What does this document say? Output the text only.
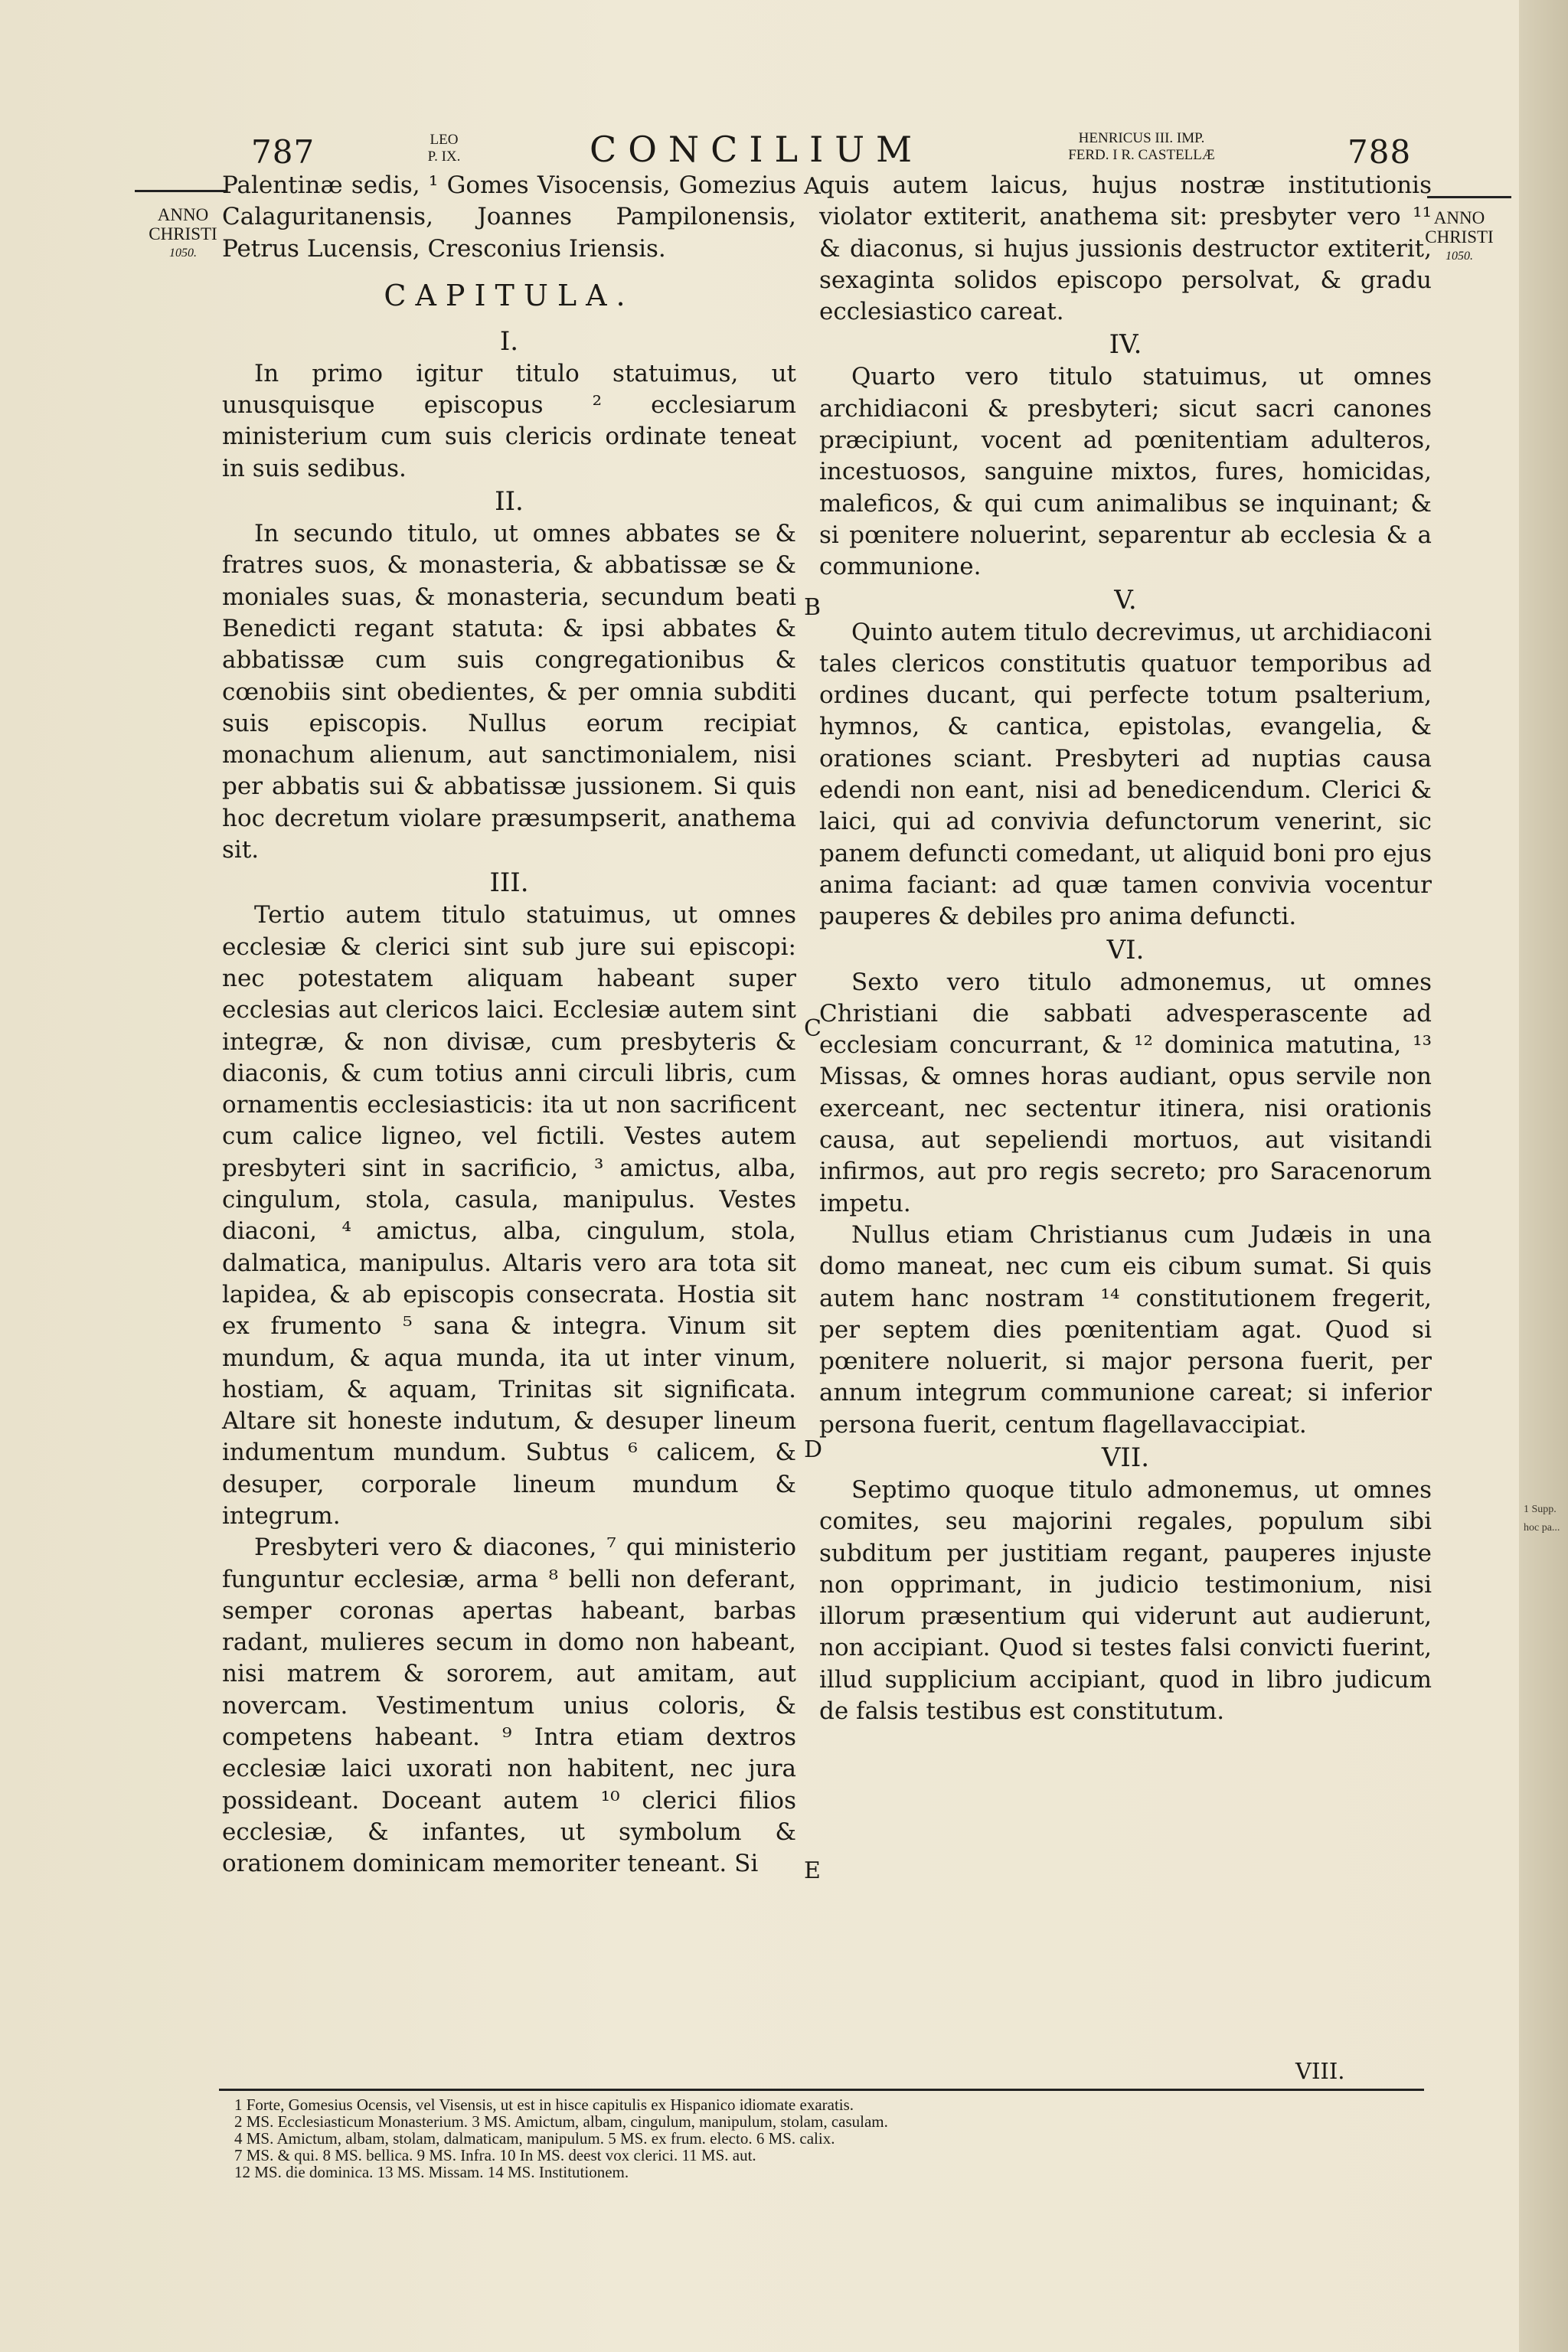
1 Supp. hoc pa...
787	LEO
P. IX.	CONCILIUM	HENRICUS III. IMP.
FERD. I R. CASTELLÆ	788
ANNO
CHRISTI
1050.
ANNO
CHRISTI
1050.

Palentinæ sedis, ¹ Gomes Visocensis, Gomezius Calaguritanensis, Joannes Pampilonensis, Petrus Lucensis, Cresconius Iriensis.

CAPITULA.
I.

In primo igitur titulo statuimus, ut unusquisque episcopus ² ecclesiarum ministerium cum suis clericis ordinate teneat in suis sedibus.

II.

In secundo titulo, ut omnes abbates se & fratres suos, & monasteria, & abbatissæ se & moniales suas, & monasteria, secundum beati Benedicti regant statuta: & ipsi abbates & abbatissæ cum suis congregationibus & cœnobiis sint obedientes, & per omnia subditi suis episcopis. Nullus eorum recipiat monachum alienum, aut sanctimonialem, nisi per abbatis sui & abbatissæ jussionem. Si quis hoc decretum violare præsumpserit, anathema sit.

III.

Tertio autem titulo statuimus, ut omnes ecclesiæ & clerici sint sub jure sui episcopi: nec potestatem aliquam habeant super ecclesias aut clericos laici. Ecclesiæ autem sint integræ, & non divisæ, cum presbyteris & diaconis, & cum totius anni circuli libris, cum ornamentis ecclesiasticis: ita ut non sacrificent cum calice ligneo, vel fictili. Vestes autem presbyteri sint in sacrificio, ³ amictus, alba, cingulum, stola, casula, manipulus. Vestes diaconi, ⁴ amictus, alba, cingulum, stola, dalmatica, manipulus. Altaris vero ara tota sit lapidea, & ab episcopis consecrata. Hostia sit ex frumento ⁵ sana & integra. Vinum sit mundum, & aqua munda, ita ut inter vinum, hostiam, & aquam, Trinitas sit significata. Altare sit honeste indutum, & desuper lineum indumentum mundum. Subtus ⁶ calicem, & desuper, corporale lineum mundum & integrum.

Presbyteri vero & diacones, ⁷ qui ministerio funguntur ecclesiæ, arma ⁸ belli non deferant, semper coronas apertas habeant, barbas radant, mulieres secum in domo non habeant, nisi matrem & sororem, aut amitam, aut novercam. Vestimentum unius coloris, & competens habeant. ⁹ Intra etiam dextros ecclesiæ laici uxorati non habitent, nec jura possideant. Doceant autem ¹⁰ clerici filios ecclesiæ, & infantes, ut symbolum & orationem dominicam memoriter teneant. Si

quis autem laicus, hujus nostræ institutionis violator extiterit, anathema sit: presbyter vero ¹¹ & diaconus, si hujus jussionis destructor extiterit, sexaginta solidos episcopo persolvat, & gradu ecclesiastico careat.

IV.

Quarto vero titulo statuimus, ut omnes archidiaconi & presbyteri; sicut sacri canones præcipiunt, vocent ad pœnitentiam adulteros, incestuosos, sanguine mixtos, fures, homicidas, maleficos, & qui cum animalibus se inquinant; & si pœnitere noluerint, separentur ab ecclesia & a communione.

V.

Quinto autem titulo decrevimus, ut archidiaconi tales clericos constitutis quatuor temporibus ad ordines ducant, qui perfecte totum psalterium, hymnos, & cantica, epistolas, evangelia, & orationes sciant. Presbyteri ad nuptias causa edendi non eant, nisi ad benedicendum. Clerici & laici, qui ad convivia defunctorum venerint, sic panem defuncti comedant, ut aliquid boni pro ejus anima faciant: ad quæ tamen convivia vocentur pauperes & debiles pro anima defuncti.

VI.

Sexto vero titulo admonemus, ut omnes Christiani die sabbati advesperascente ad ecclesiam concurrant, & ¹² dominica matutina, ¹³ Missas, & omnes horas audiant, opus servile non exerceant, nec sectentur itinera, nisi orationis causa, aut sepeliendi mortuos, aut visitandi infirmos, aut pro regis secreto; pro Saracenorum impetu.

Nullus etiam Christianus cum Judæis in una domo maneat, nec cum eis cibum sumat. Si quis autem hanc nostram ¹⁴ constitutionem fregerit, per septem dies pœnitentiam agat. Quod si pœnitere noluerit, si major persona fuerit, per annum integrum communione careat; si inferior persona fuerit, centum flagellavaccipiat.

VII.

Septimo quoque titulo admonemus, ut omnes comites, seu majorini regales, populum sibi subditum per justitiam regant, pauperes injuste non opprimant, in judicio testimonium, nisi illorum præsentium qui viderunt aut audierunt, non accipiant. Quod si testes falsi convicti fuerint, illud supplicium accipiant, quod in libro judicum de falsis testibus est constitutum.

A
B
C
D
E
VIII.
1 Forte, Gomesius Ocensis, vel Visensis, ut est in hisce capitulis ex Hispanico idiomate exaratis.
2 MS. Ecclesiasticum Monasterium. 3 MS. Amictum, albam, cingulum, manipulum, stolam, casulam.
4 MS. Amictum, albam, stolam, dalmaticam, manipulum. 5 MS. ex frum. electo. 6 MS. calix.
7 MS. & qui. 8 MS. bellica. 9 MS. Infra. 10 In MS. deest vox clerici. 11 MS. aut.
12 MS. die dominica. 13 MS. Missam. 14 MS. Institutionem.
